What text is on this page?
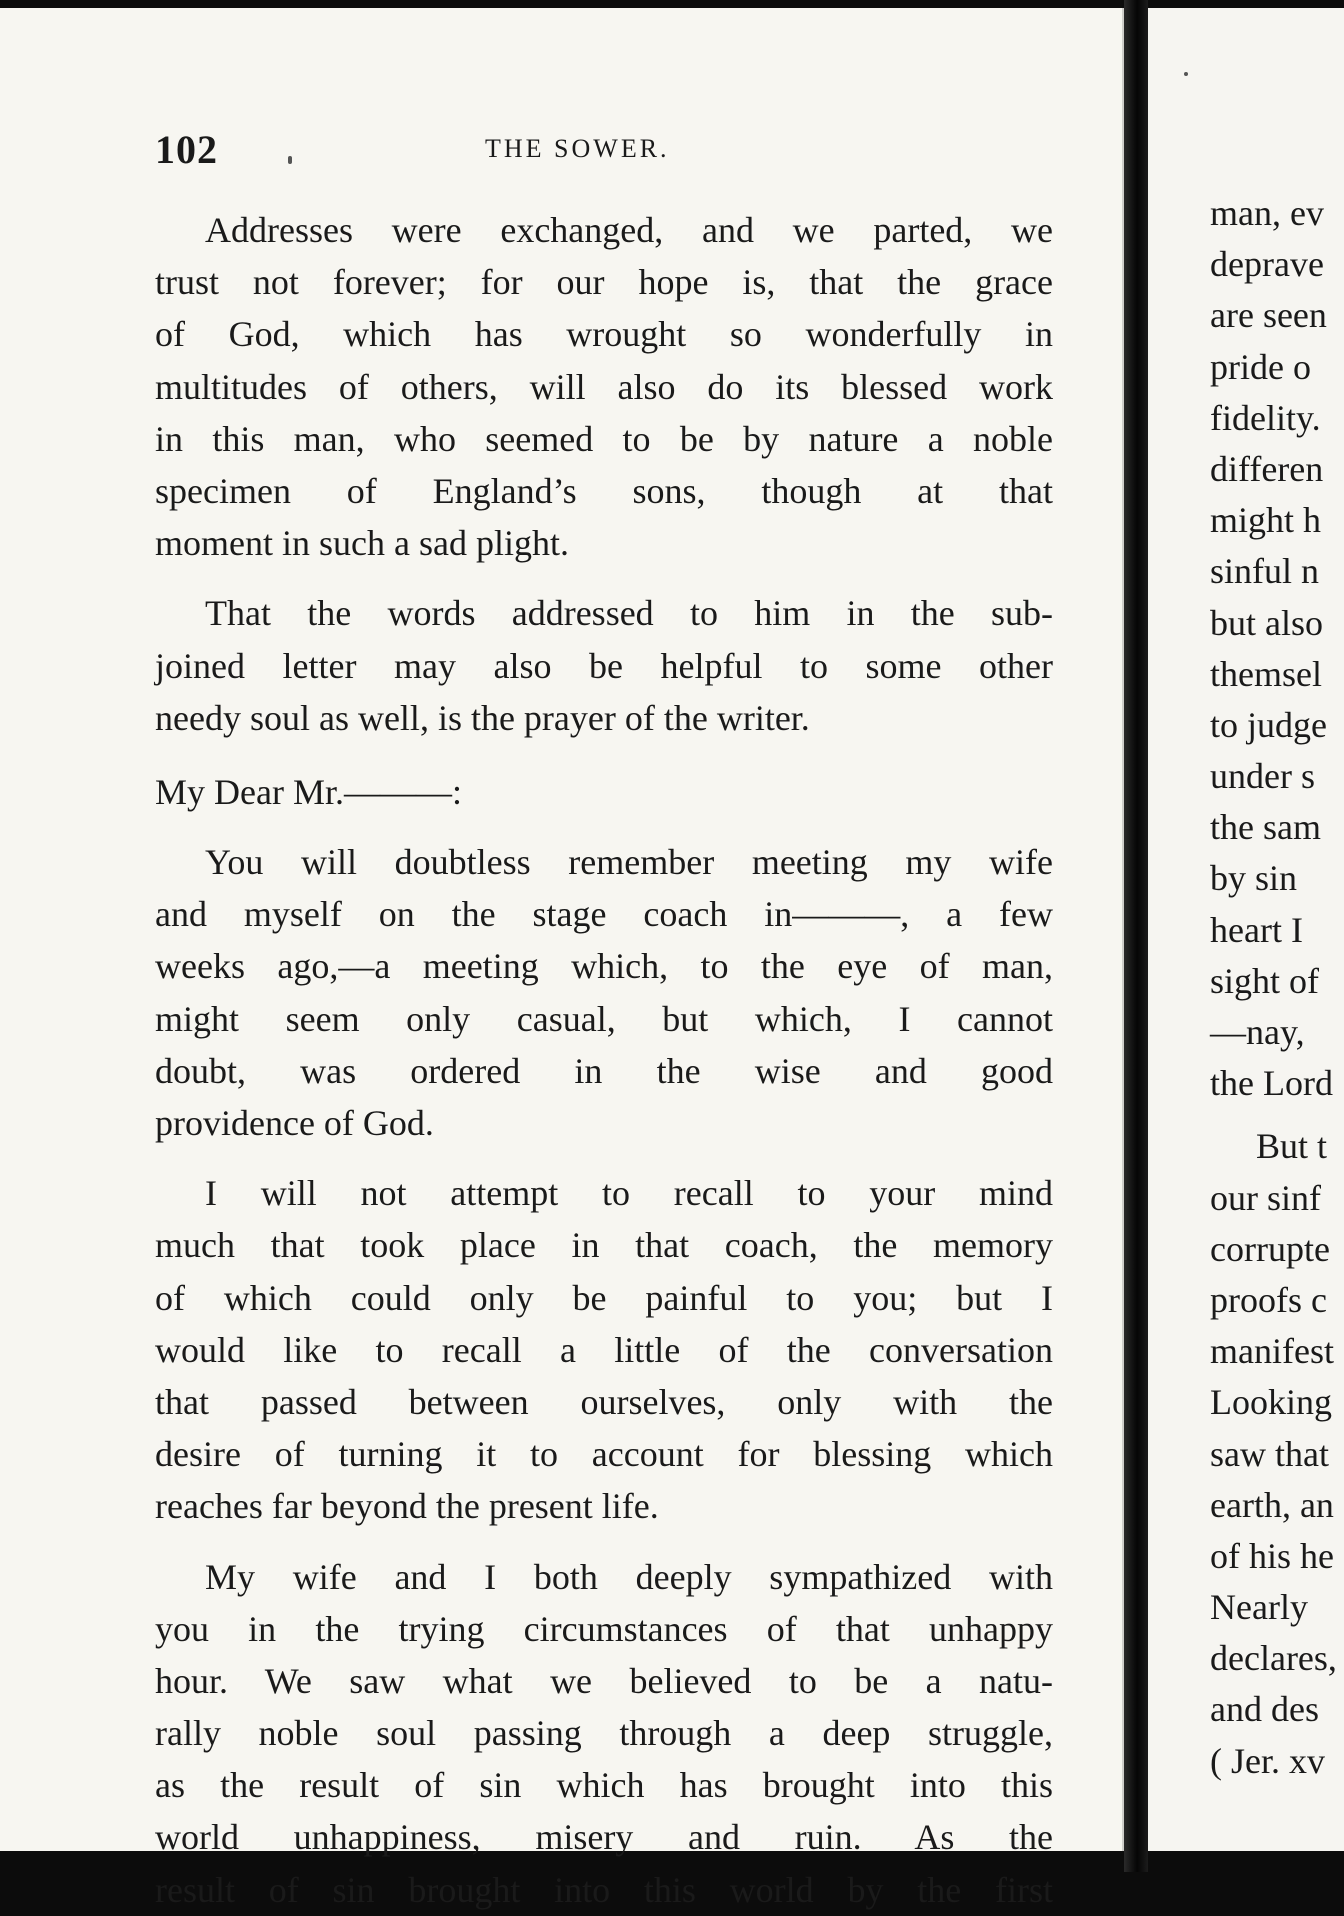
102	THE SOWER.
Addresses were exchanged, and we parted, we
trust not forever; for our hope is, that the grace
of God, which has wrought so wonderfully in
multitudes of others, will also do its blessed work
in this man, who seemed to be by nature a noble
specimen of England’s sons, though at that
moment in such a sad plight.
That the words addressed to him in the sub-
joined letter may also be helpful to some other
needy soul as well, is the prayer of the writer.
My Dear Mr.———:
You will doubtless remember meeting my wife
and myself on the stage coach in———, a few
weeks ago,—a meeting which, to the eye of man,
might seem only casual, but which, I cannot
doubt, was ordered in the wise and good
providence of God.
I will not attempt to recall to your mind
much that took place in that coach, the memory
of which could only be painful to you; but I
would like to recall a little of the conversation
that passed between ourselves, only with the
desire of turning it to account for blessing which
reaches far beyond the present life.
My wife and I both deeply sympathized with
you in the trying circumstances of that unhappy
hour. We saw what we believed to be a natu-
rally noble soul passing through a deep struggle,
as the result of sin which has brought into this
world unhappiness, misery and ruin. As the
result of sin brought into this world by the first
man, ev
deprave
are seen
pride o
fidelity.
differen
might h
sinful n
but also
themsel
to judge
under s
the sam
by sin
heart I
sight of
—nay,
the Lord
But t
our sinf
corrupte
proofs c
manifest
Looking
saw that
earth, an
of his he
Nearly
declares,
and des
( Jer. xv
